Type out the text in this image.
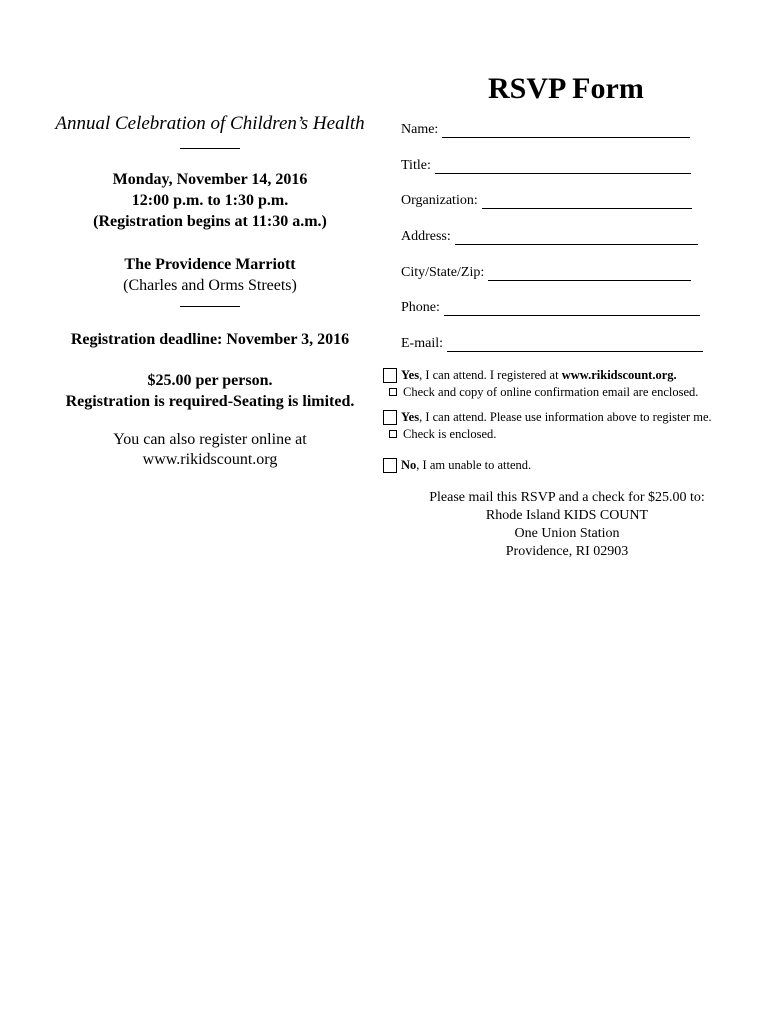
Annual Celebration of Children’s Health
Monday, November 14, 2016
12:00 p.m. to 1:30 p.m.
(Registration begins at 11:30 a.m.)
The Providence Marriott
(Charles and Orms Streets)
Registration deadline: November 3, 2016
$25.00 per person.
Registration is required-Seating is limited.
You can also register online at
www.rikidscount.org
RSVP Form
Name:
Title:
Organization:
Address:
City/State/Zip:
Phone:
E-mail:
Yes, I can attend. I registered at www.rikidscount.org.
Check and copy of online confirmation email are enclosed.
Yes, I can attend. Please use information above to register me.
Check is enclosed.
No, I am unable to attend.
Please mail this RSVP and a check for $25.00 to:
Rhode Island KIDS COUNT
One Union Station
Providence, RI 02903
